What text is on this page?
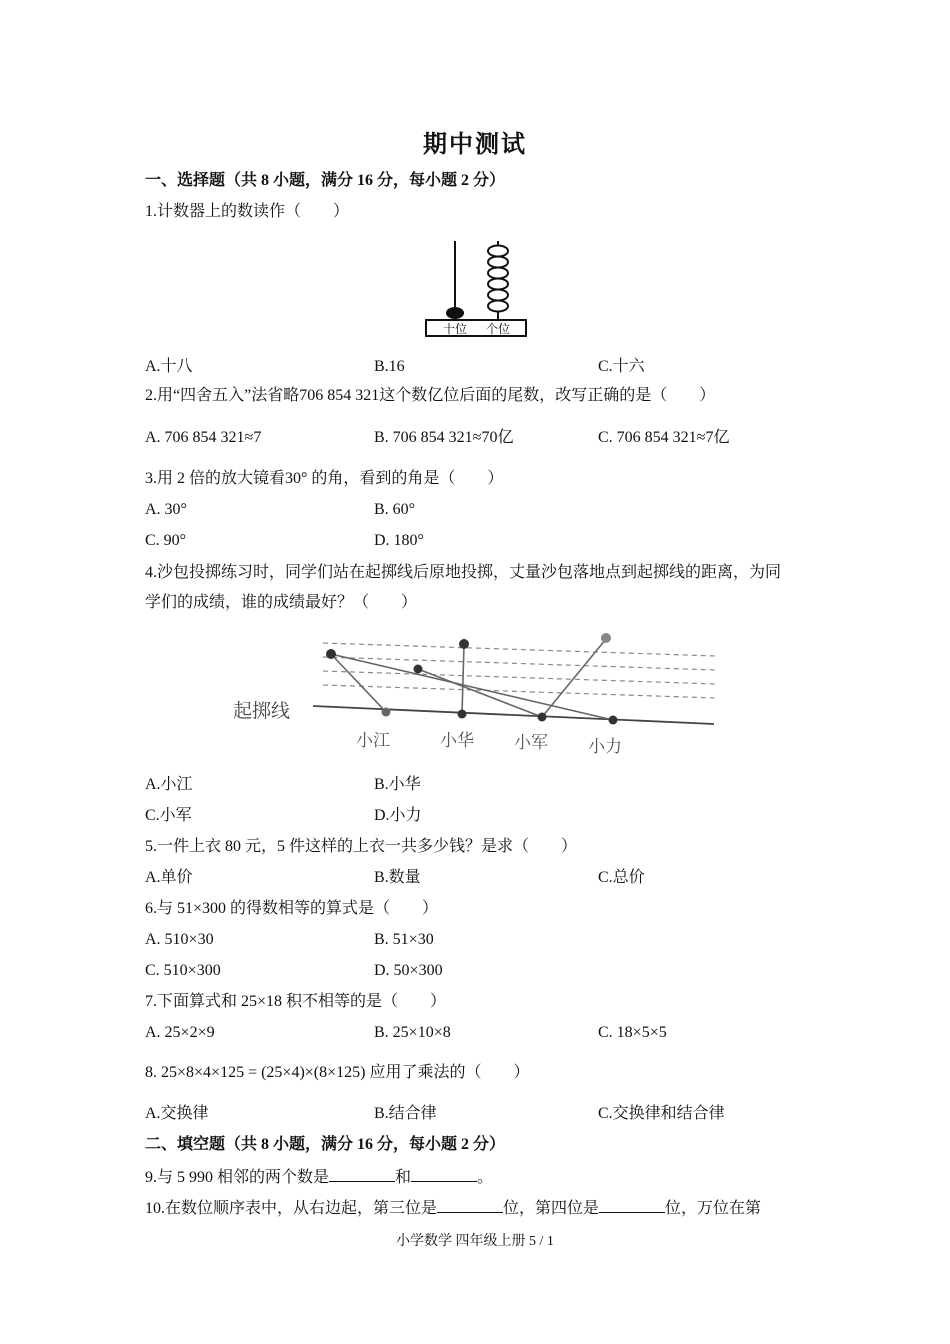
期中测试
一、选择题（共 8 小题，满分 16 分，每小题 2 分）
1.计数器上的数读作（　　）
十位 个位
A.十八	B.16	C.十六
2.用“四舍五入”法省略706 854 321这个数亿位后面的尾数，改写正确的是（　　）
A. 706 854 321≈7	B. 706 854 321≈70亿	C. 706 854 321≈7亿
3.用 2 倍的放大镜看30° 的角，看到的角是（　　）
A. 30°	B. 60°
C. 90°	D. 180°
4.沙包投掷练习时，同学们站在起掷线后原地投掷，丈量沙包落地点到起掷线的距离，为同
学们的成绩，谁的成绩最好？（　　）
起掷线
小江	小华 小军 小力
A.小江	B.小华
C.小军	D.小力
5.一件上衣 80 元，5 件这样的上衣一共多少钱？是求（　　）
A.单价	B.数量	C.总价
6.与 51×300 的得数相等的算式是（　　）
A. 510×30	B. 51×30
C. 510×300	D. 50×300
7.下面算式和 25×18 积不相等的是（　　）
A. 25×2×9	B. 25×10×8	C. 18×5×5
8. 25×8×4×125 = (25×4)×(8×125) 应用了乘法的（　　）
A.交换律	B.结合律	C.交换律和结合律
二、填空题（共 8 小题，满分 16 分，每小题 2 分）
9.与 5 990 相邻的两个数是	和	。
10.在数位顺序表中，从右边起，第三位是	位，第四位是	位，万位在第
小学数学 四年级上册 5 / 1
